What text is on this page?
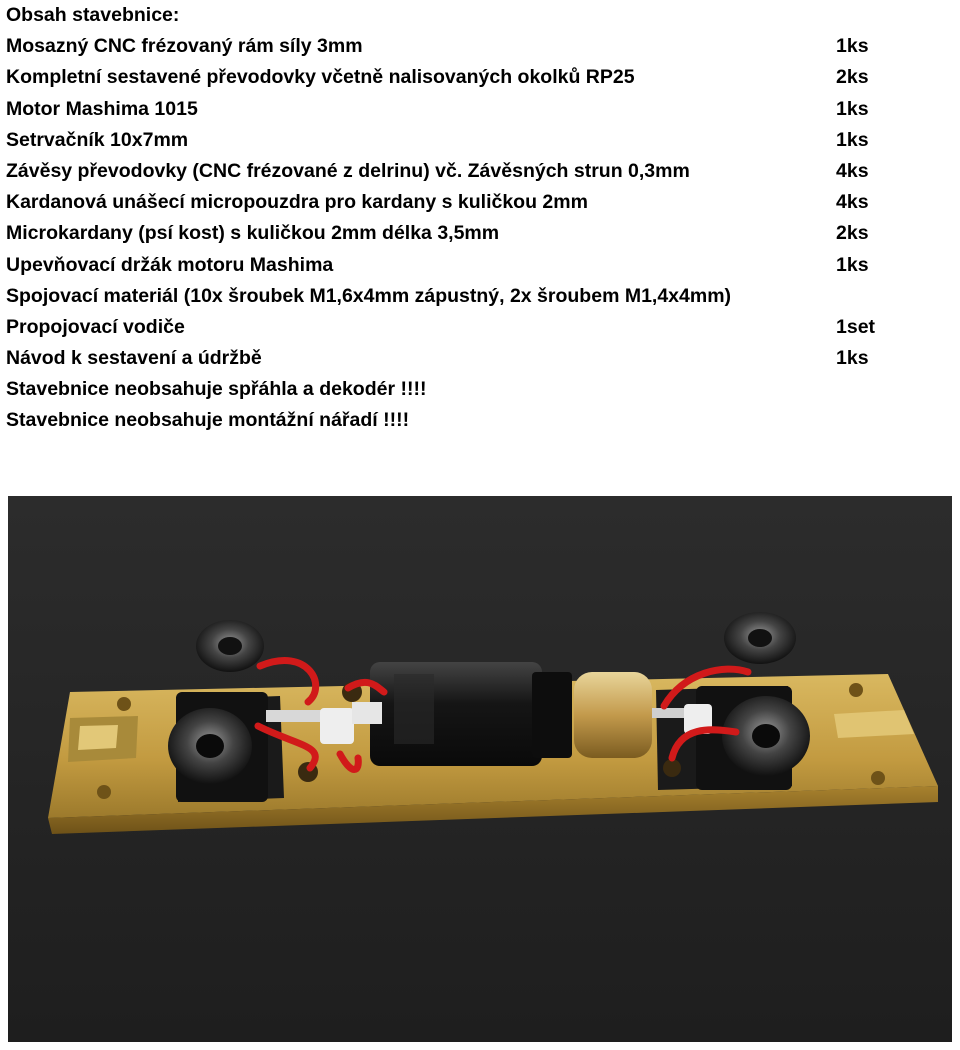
Obsah stavebnice:
Mosazný CNC frézovaný rám síly 3mm	1ks
Kompletní sestavené převodovky včetně nalisovaných okolků RP25	2ks
Motor Mashima 1015	1ks
Setrvačník 10x7mm	1ks
Závěsy převodovky (CNC frézované z delrinu) vč. Závěsných strun 0,3mm	4ks
Kardanová unášecí micropouzdra pro kardany s kuličkou 2mm	4ks
Microkardany (psí kost) s kuličkou 2mm délka 3,5mm	2ks
Upevňovací držák motoru Mashima	1ks
Spojovací materiál (10x šroubek M1,6x4mm zápustný, 2x šroubem M1,4x4mm)
Propojovací vodiče	1set
Návod k sestavení a údržbě	1ks
Stavebnice neobsahuje spřáhla a dekodér !!!!
Stavebnice neobsahuje montážní nářadí !!!!
